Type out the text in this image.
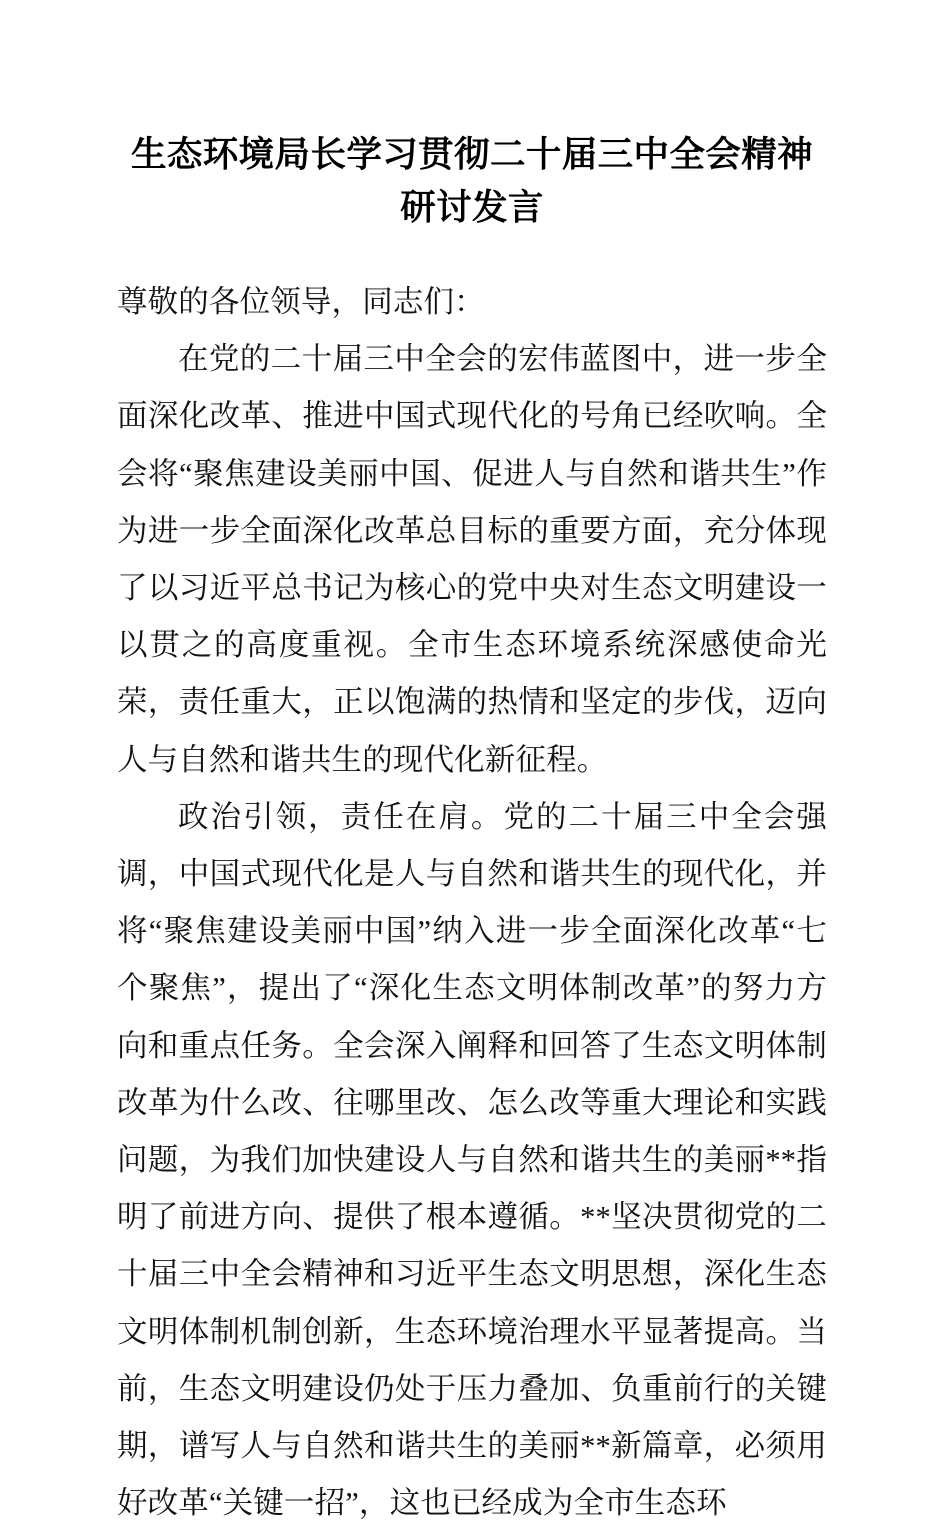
生态环境局长学习贯彻二十届三中全会精神研讨发言

尊敬的各位领导，同志们：

在党的二十届三中全会的宏伟蓝图中，进一步全面深化改革、推进中国式现代化的号角已经吹响。全会将“聚焦建设美丽中国、促进人与自然和谐共生”作为进一步全面深化改革总目标的重要方面，充分体现了以习近平总书记为核心的党中央对生态文明建设一以贯之的高度重视。全市生态环境系统深感使命光荣，责任重大，正以饱满的热情和坚定的步伐，迈向人与自然和谐共生的现代化新征程。

政治引领，责任在肩。党的二十届三中全会强调，中国式现代化是人与自然和谐共生的现代化，并将“聚焦建设美丽中国”纳入进一步全面深化改革“七个聚焦”，提出了“深化生态文明体制改革”的努力方向和重点任务。全会深入阐释和回答了生态文明体制改革为什么改、往哪里改、怎么改等重大理论和实践问题，为我们加快建设人与自然和谐共生的美丽**指明了前进方向、提供了根本遵循。**坚决贯彻党的二十届三中全会精神和习近平生态文明思想，深化生态文明体制机制创新，生态环境治理水平显著提高。当前，生态文明建设仍处于压力叠加、负重前行的关键期，谱写人与自然和谐共生的美丽**新篇章，必须用好改革“关键一招”，这也已经成为全市生态环
